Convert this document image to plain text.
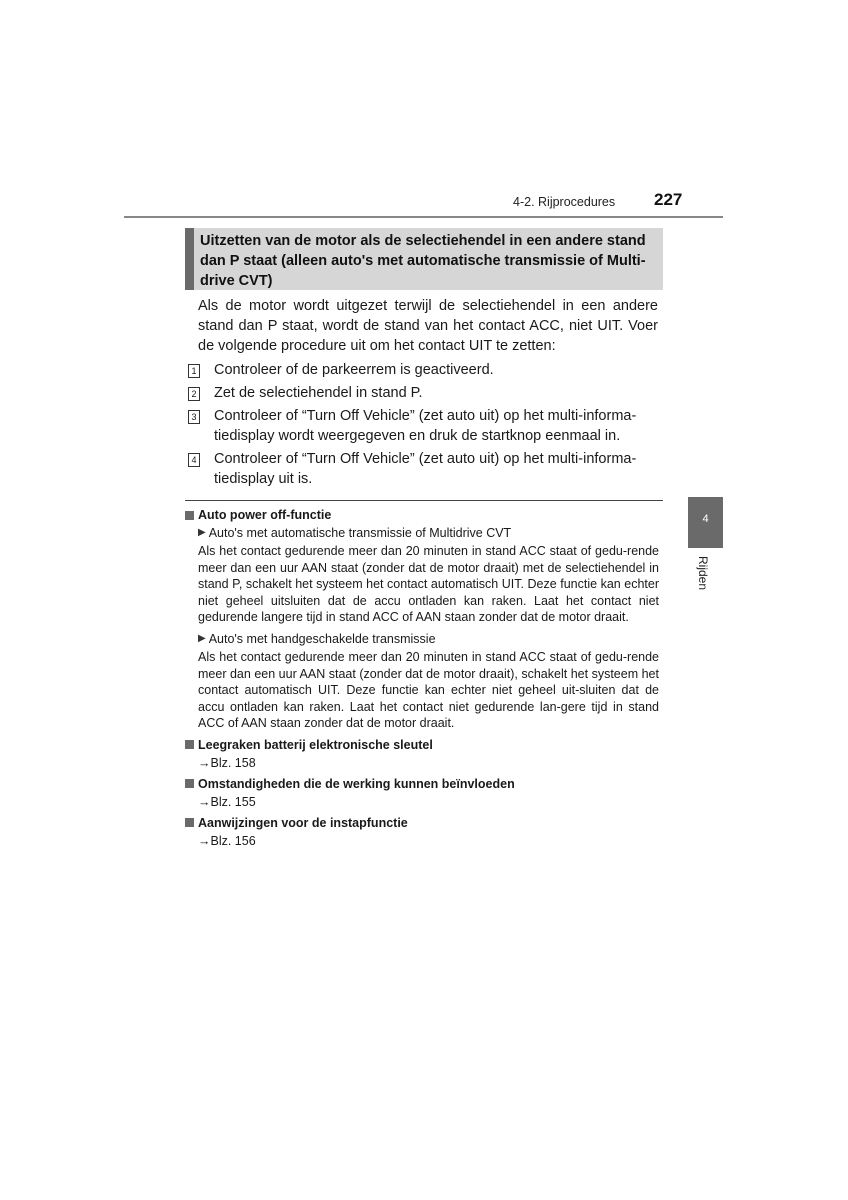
4-2. Rijprocedures 227
4
Rijden
Uitzetten van de motor als de selectiehendel in een andere stand dan P staat (alleen auto's met automatische transmissie of Multi-drive CVT)

Als de motor wordt uitgezet terwijl de selectiehendel in een andere stand dan P staat, wordt de stand van het contact ACC, niet UIT. Voer de volgende procedure uit om het contact UIT te zetten:

1 Controleer of de parkeerrem is geactiveerd.
2 Zet de selectiehendel in stand P.
3 Controleer of “Turn Off Vehicle” (zet auto uit) op het multi-informa-tiedisplay wordt weergegeven en druk de startknop eenmaal in.
4 Controleer of “Turn Off Vehicle” (zet auto uit) op het multi-informa-tiedisplay uit is.
Auto power off-functie
▶ Auto's met automatische transmissie of Multidrive CVT

Als het contact gedurende meer dan 20 minuten in stand ACC staat of gedu-rende meer dan een uur AAN staat (zonder dat de motor draait) met de selectiehendel in stand P, schakelt het systeem het contact automatisch UIT. Deze functie kan echter niet geheel uitsluiten dat de accu ontladen kan raken. Laat het contact niet gedurende langere tijd in stand ACC of AAN staan zonder dat de motor draait.

▶ Auto's met handgeschakelde transmissie

Als het contact gedurende meer dan 20 minuten in stand ACC staat of gedu-rende meer dan een uur AAN staat (zonder dat de motor draait), schakelt het systeem het contact automatisch UIT. Deze functie kan echter niet geheel uit-sluiten dat de accu ontladen kan raken. Laat het contact niet gedurende lan-gere tijd in stand ACC of AAN staan zonder dat de motor draait.

Leegraken batterij elektronische sleutel
→Blz. 158
Omstandigheden die de werking kunnen beïnvloeden
→Blz. 155
Aanwijzingen voor de instapfunctie
→Blz. 156
